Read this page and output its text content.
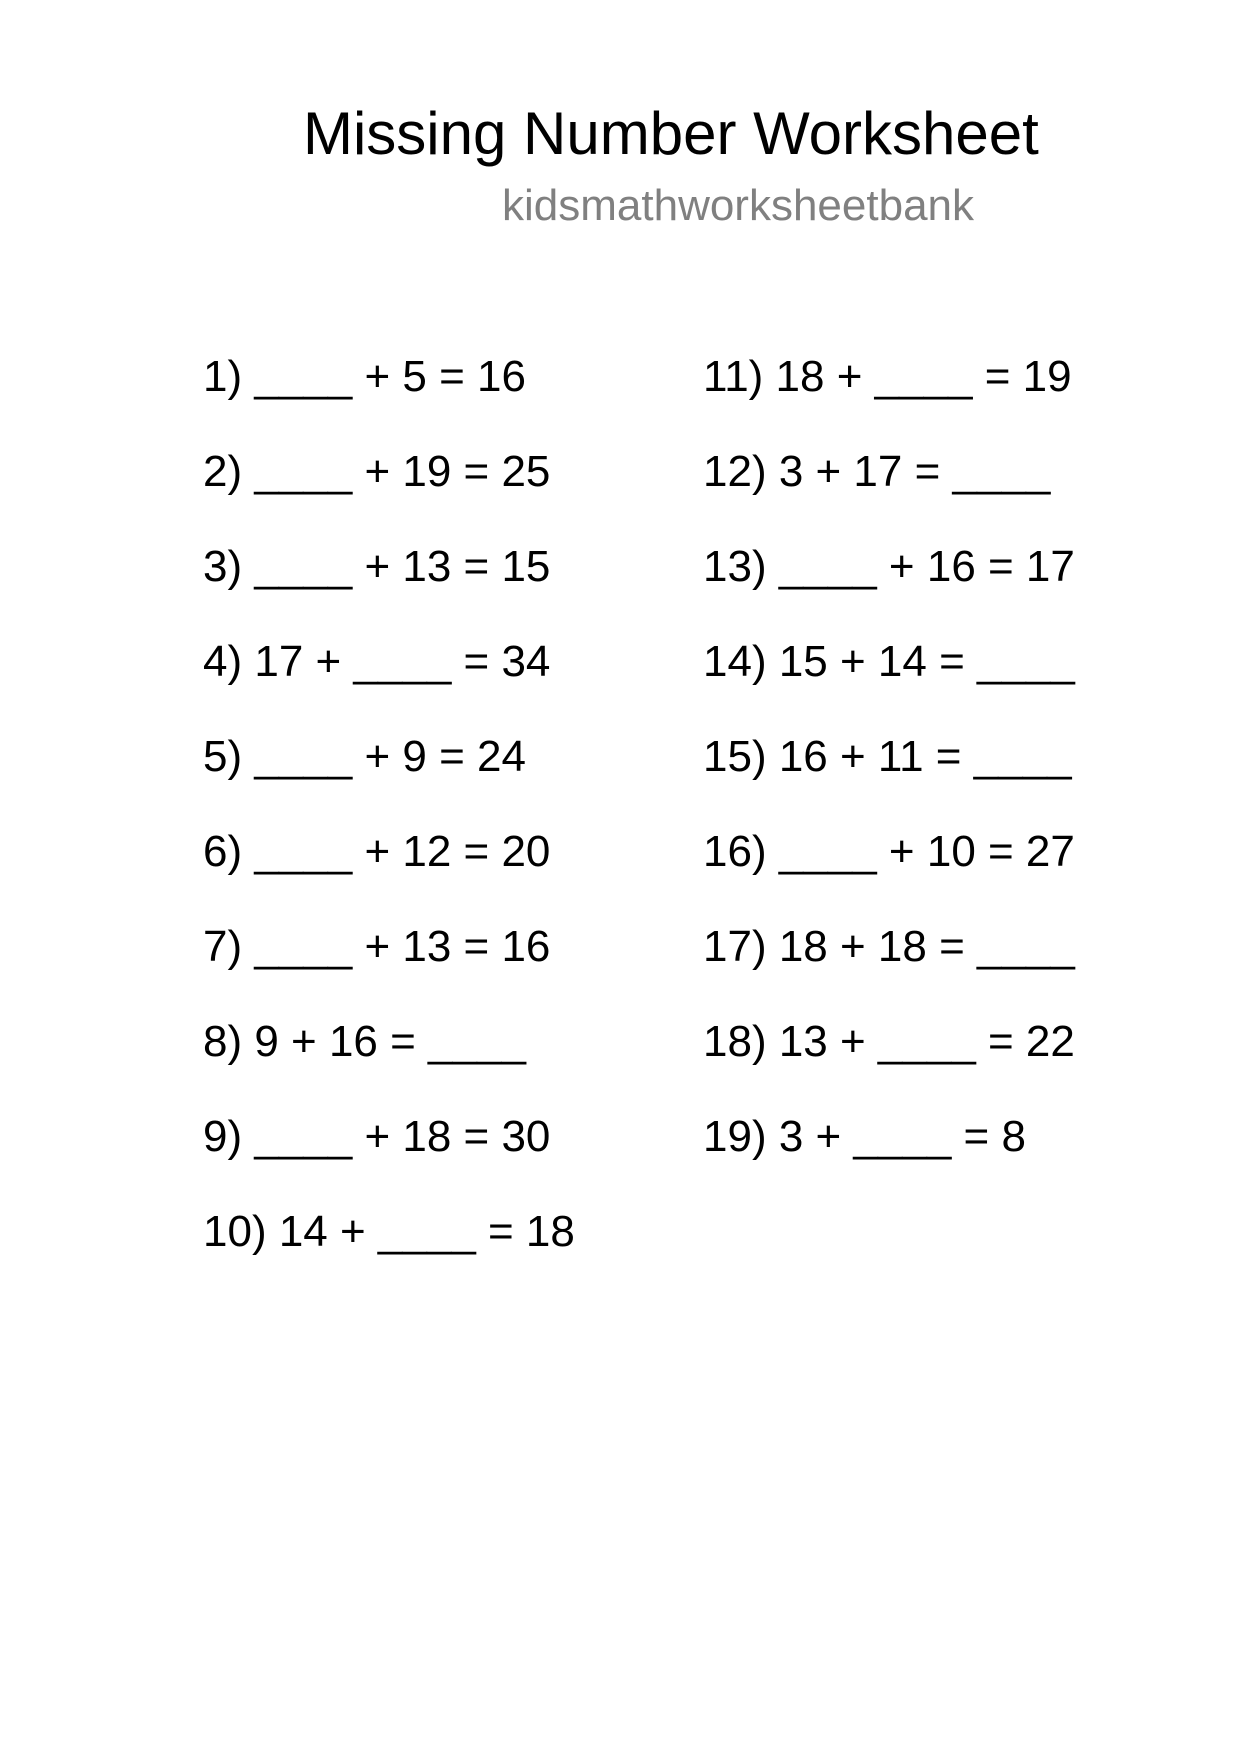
Missing Number Worksheet
kidsmathworksheetbank
1) ____ + 5 = 16
2) ____ + 19 = 25
3) ____ + 13 = 15
4) 17 + ____ = 34
5) ____ + 9 = 24
6) ____ + 12 = 20
7) ____ + 13 = 16
8) 9 + 16 = ____
9) ____ + 18 = 30
10) 14 + ____ = 18
11) 18 + ____ = 19
12) 3 + 17 = ____
13) ____ + 16 = 17
14) 15 + 14 = ____
15) 16 + 11 = ____
16) ____ + 10 = 27
17) 18 + 18 = ____
18) 13 + ____ = 22
19) 3 + ____ = 8
